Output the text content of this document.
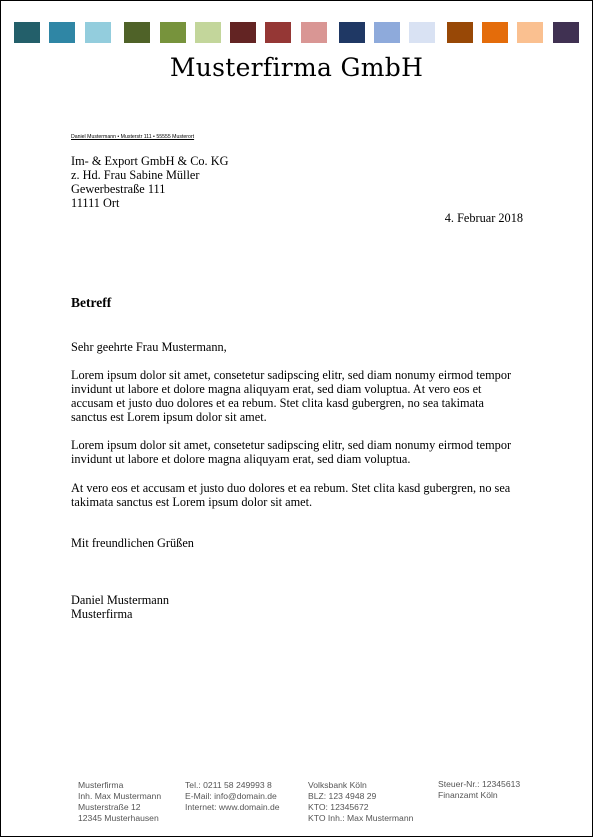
Musterfirma GmbH
Daniel Mustermann • Musterstr 111 • 55555 Musterort
Im- & Export GmbH & Co. KG
z. Hd. Frau Sabine Müller
Gewerbestraße 111
11111 Ort
4. Februar 2018
Betreff
Sehr geehrte Frau Mustermann,
Lorem ipsum dolor sit amet, consetetur sadipscing elitr, sed diam nonumy eirmod tempor invidunt ut labore et dolore magna aliquyam erat, sed diam voluptua. At vero eos et accusam et justo duo dolores et ea rebum. Stet clita kasd gubergren, no sea takimata sanctus est Lorem ipsum dolor sit amet.
Lorem ipsum dolor sit amet, consetetur sadipscing elitr, sed diam nonumy eirmod tempor invidunt ut labore et dolore magna aliquyam erat, sed diam voluptua.
At vero eos et accusam et justo duo dolores et ea rebum. Stet clita kasd gubergren, no sea takimata sanctus est Lorem ipsum dolor sit amet.
Mit freundlichen Grüßen
Daniel Mustermann
Musterfirma
Musterfirma
Inh. Max Mustermann
Musterstraße 12
12345 Musterhausen
Tel.: 0211 58 249993 8
E-Mail: info@domain.de
Internet: www.domain.de
Volksbank Köln
BLZ: 123 4948 29
KTO: 12345672
KTO Inh.: Max Mustermann
Steuer-Nr.: 12345613
Finanzamt Köln
